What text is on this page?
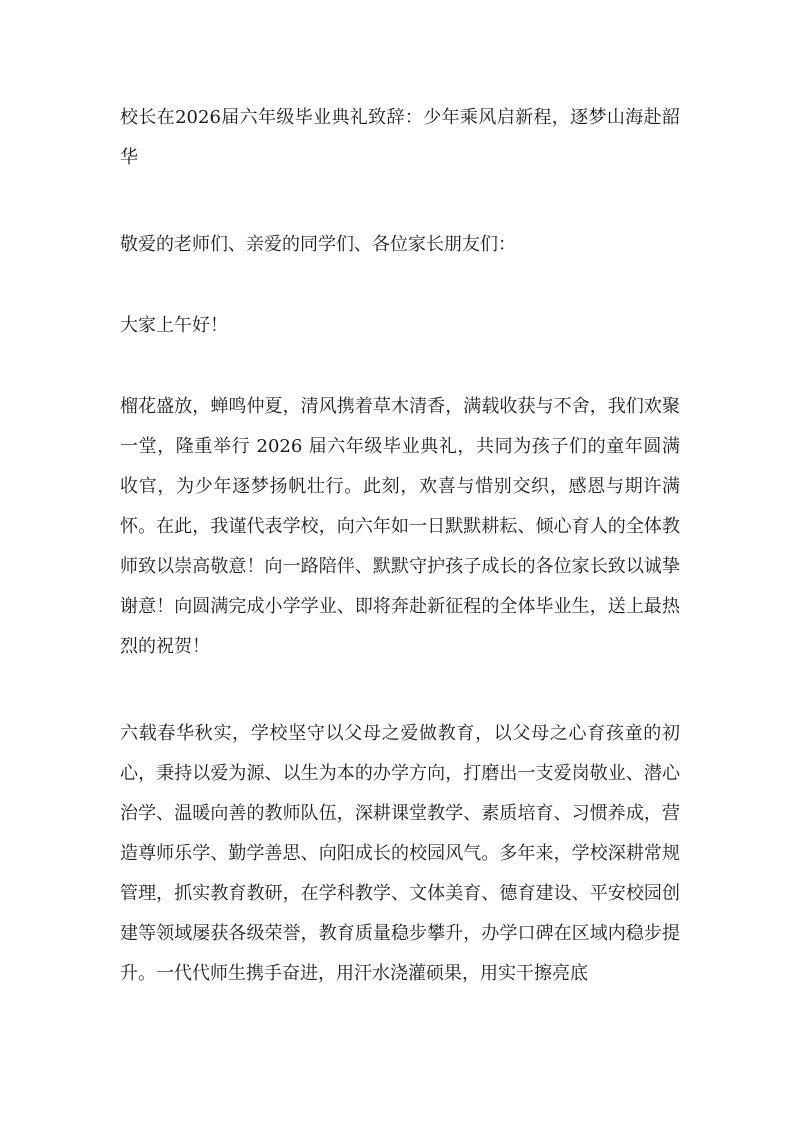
校长在2026届六年级毕业典礼致辞：少年乘风启新程，逐梦山海赴韶华

敬爱的老师们、亲爱的同学们、各位家长朋友们：

大家上午好！

榴花盛放，蝉鸣仲夏，清风携着草木清香，满载收获与不舍，我们欢聚一堂，隆重举行 2026 届六年级毕业典礼，共同为孩子们的童年圆满收官，为少年逐梦扬帆壮行。此刻，欢喜与惜别交织，感恩与期许满怀。在此，我谨代表学校，向六年如一日默默耕耘、倾心育人的全体教师致以崇高敬意！向一路陪伴、默默守护孩子成长的各位家长致以诚挚谢意！向圆满完成小学学业、即将奔赴新征程的全体毕业生，送上最热烈的祝贺！

六载春华秋实，学校坚守以父母之爱做教育，以父母之心育孩童的初心，秉持以爱为源、以生为本的办学方向，打磨出一支爱岗敬业、潜心治学、温暖向善的教师队伍，深耕课堂教学、素质培育、习惯养成，营造尊师乐学、勤学善思、向阳成长的校园风气。多年来，学校深耕常规管理，抓实教育教研，在学科教学、文体美育、德育建设、平安校园创建等领域屡获各级荣誉，教育质量稳步攀升，办学口碑在区域内稳步提升。一代代师生携手奋进，用汗水浇灌硕果，用实干擦亮底
